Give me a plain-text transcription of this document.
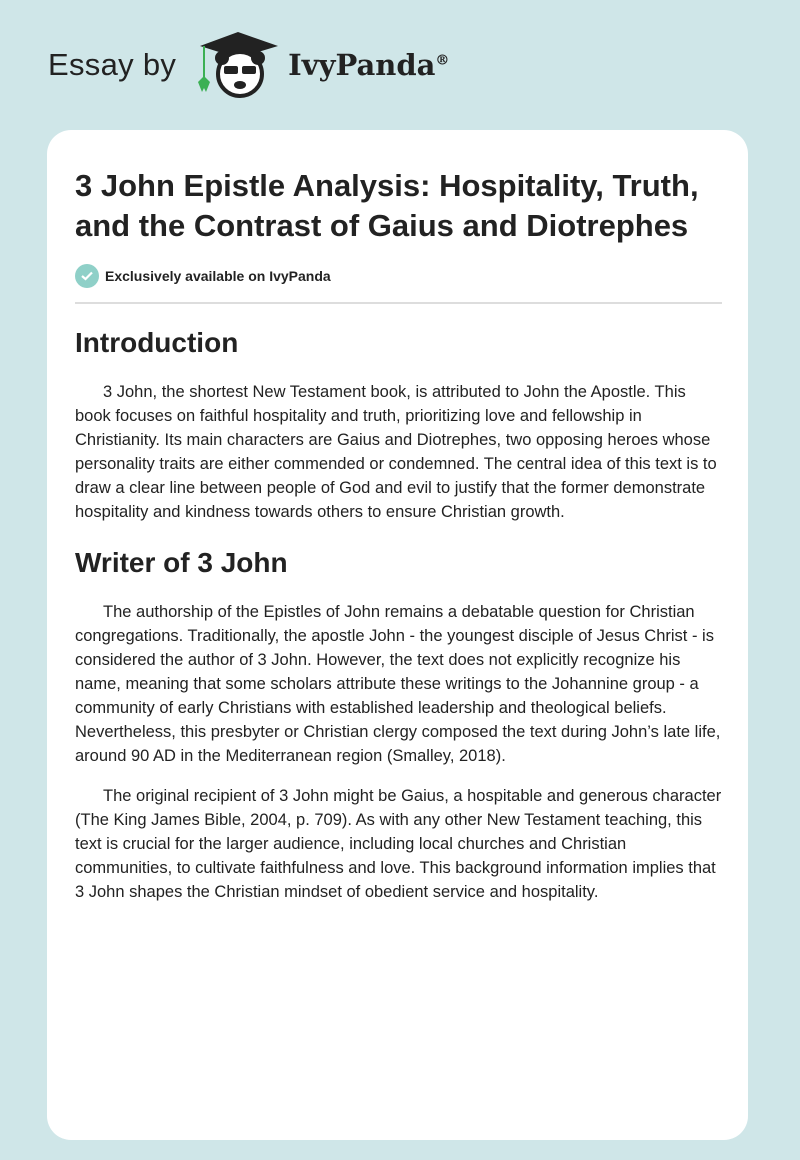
Essay by	IvyPanda®
3 John Epistle Analysis: Hospitality, Truth, and the Contrast of Gaius and Diotrephes
Exclusively available on IvyPanda
Introduction

3 John, the shortest New Testament book, is attributed to John the Apostle. This book focuses on faithful hospitality and truth, prioritizing love and fellowship in Christianity. Its main characters are Gaius and Diotrephes, two opposing heroes whose personality traits are either commended or condemned. The central idea of this text is to draw a clear line between people of God and evil to justify that the former demonstrate hospitality and kindness towards others to ensure Christian growth.

Writer of 3 John

The authorship of the Epistles of John remains a debatable question for Christian congregations. Traditionally, the apostle John - the youngest disciple of Jesus Christ - is considered the author of 3 John. However, the text does not explicitly recognize his name, meaning that some scholars attribute these writings to the Johannine group - a community of early Christians with established leadership and theological beliefs. Nevertheless, this presbyter or Christian clergy composed the text during John’s late life, around 90 AD in the Mediterranean region (Smalley, 2018).

The original recipient of 3 John might be Gaius, a hospitable and generous character (The King James Bible, 2004, p. 709). As with any other New Testament teaching, this text is crucial for the larger audience, including local churches and Christian communities, to cultivate faithfulness and love. This background information implies that 3 John shapes the Christian mindset of obedient service and hospitality.
